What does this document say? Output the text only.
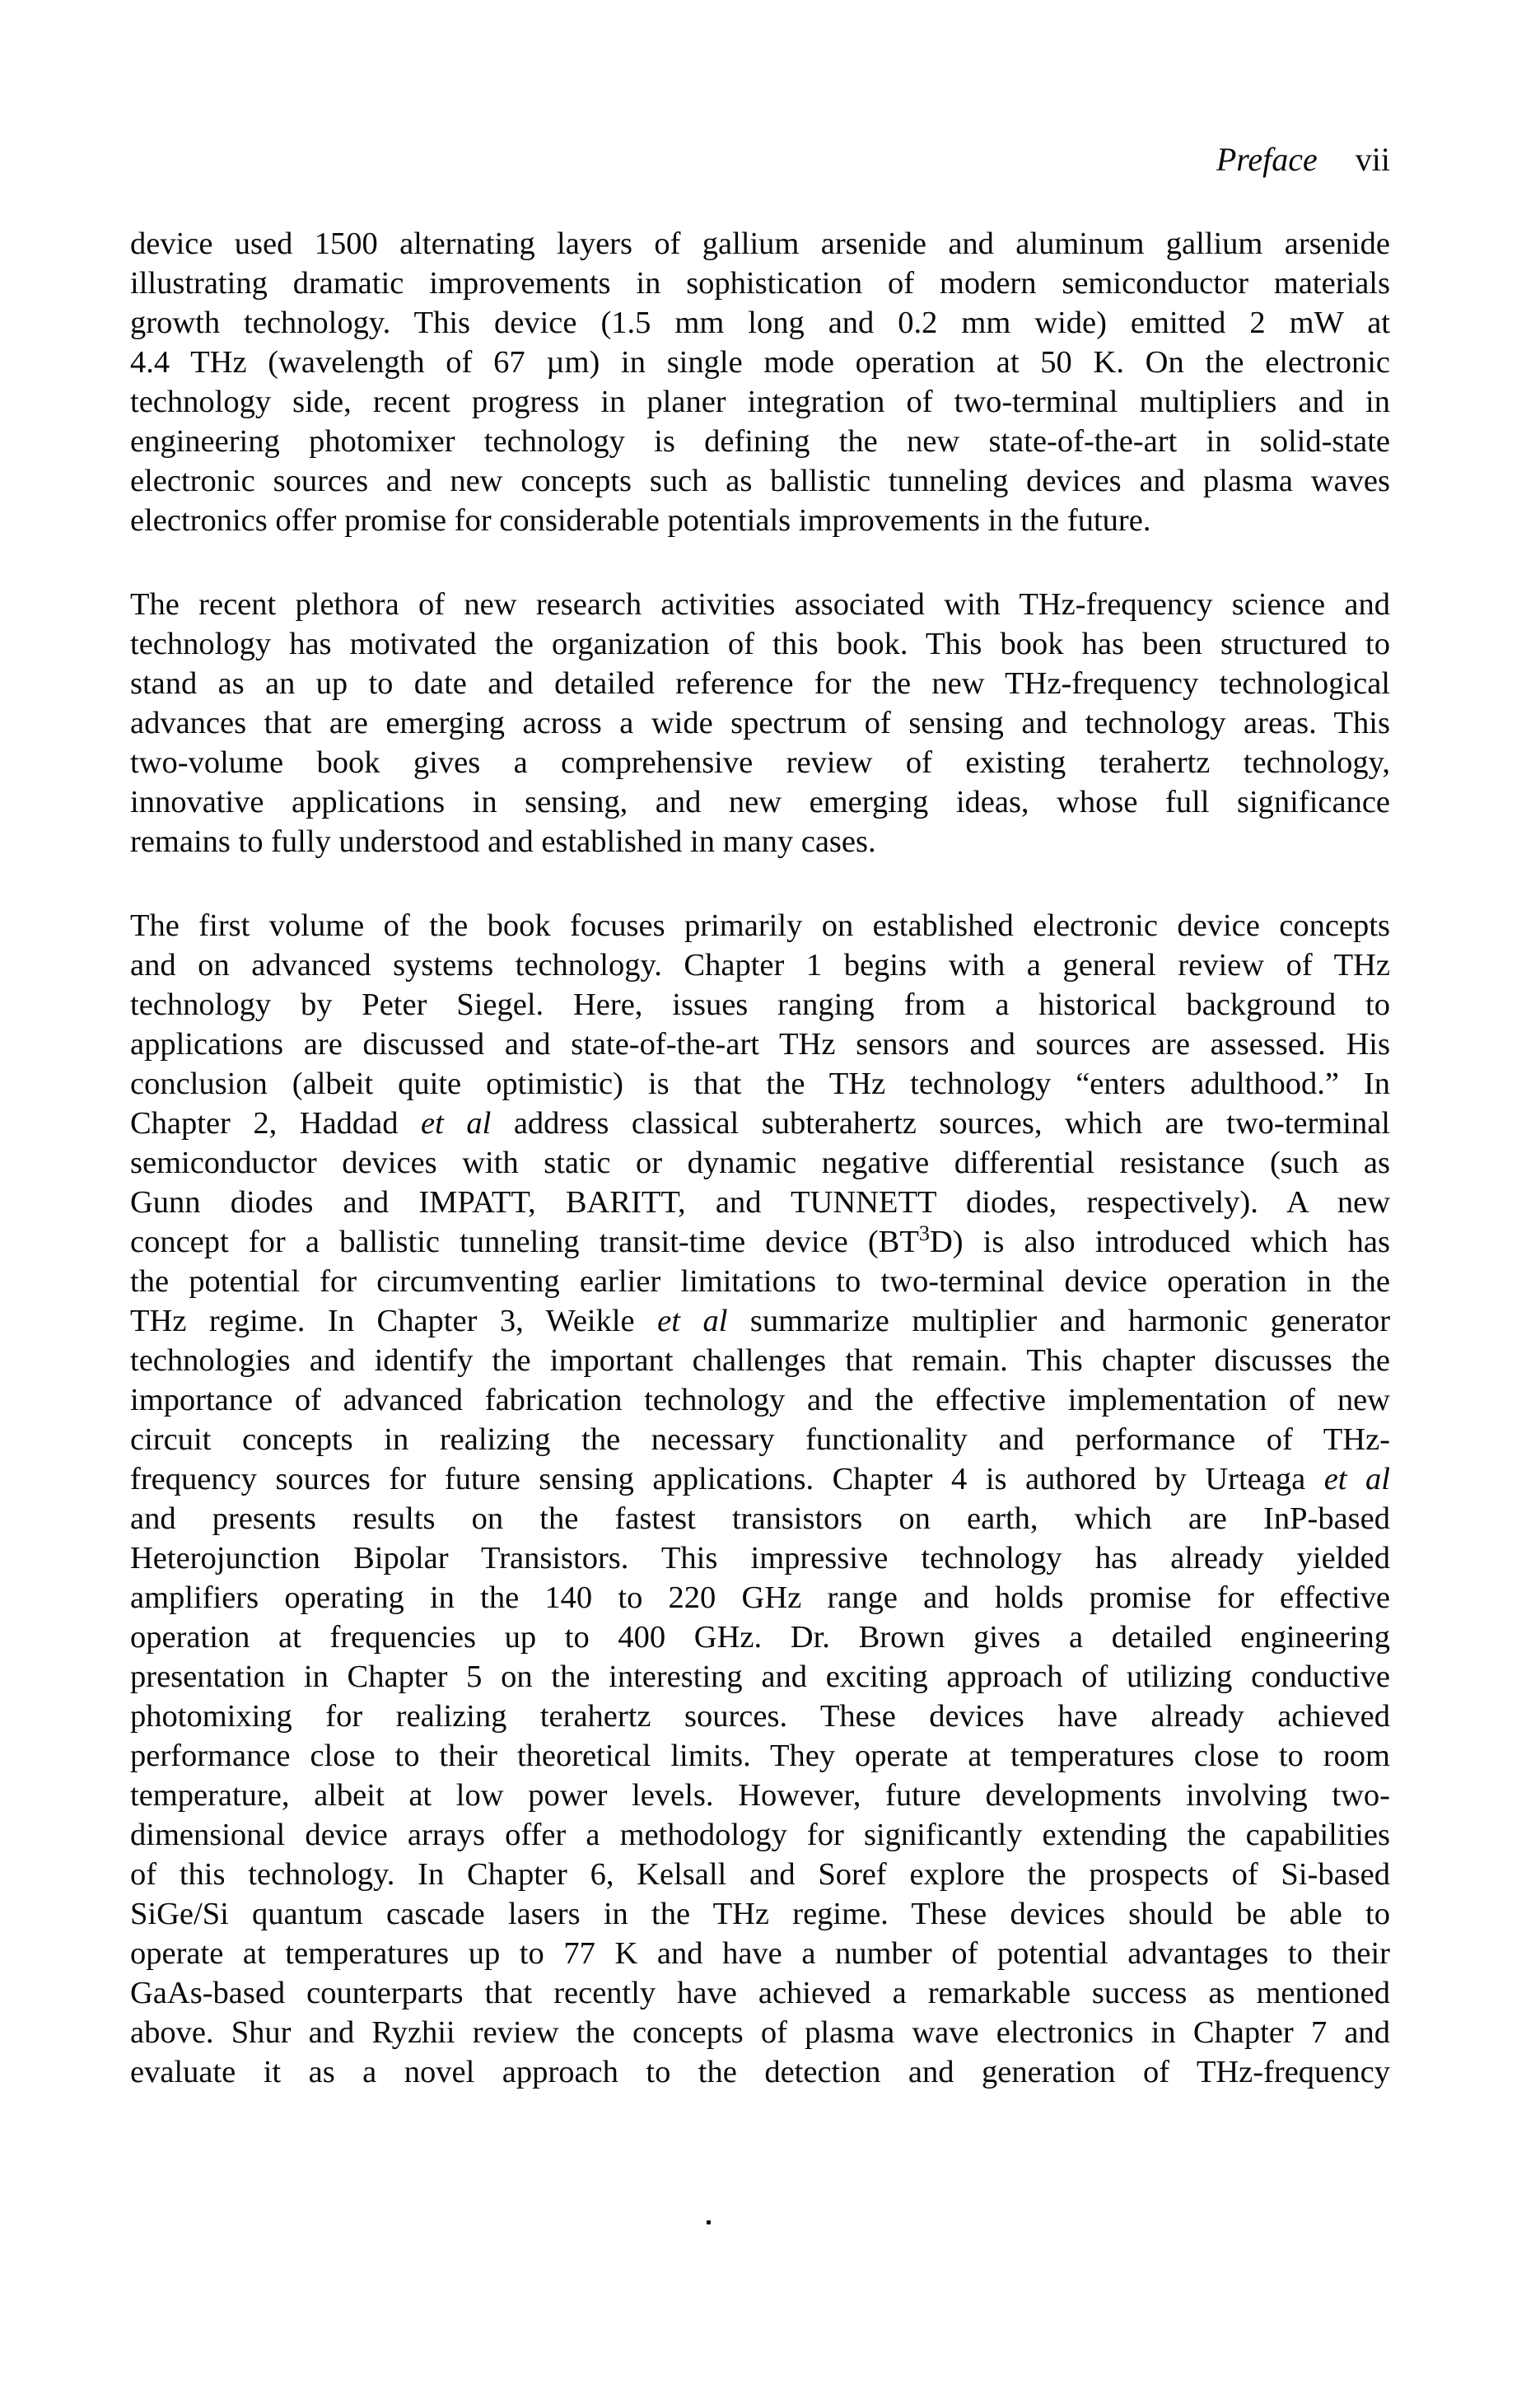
Preface vii
device used 1500 alternating layers of gallium arsenide and aluminum gallium arsenide
illustrating dramatic improvements in sophistication of modern semiconductor materials
growth technology. This device (1.5 mm long and 0.2 mm wide) emitted 2 mW at
4.4 THz (wavelength of 67 µm) in single mode operation at 50 K. On the electronic
technology side, recent progress in planer integration of two-terminal multipliers and in
engineering photomixer technology is defining the new state-of-the-art in solid-state
electronic sources and new concepts such as ballistic tunneling devices and plasma waves
electronics offer promise for considerable potentials improvements in the future.
The recent plethora of new research activities associated with THz-frequency science and
technology has motivated the organization of this book. This book has been structured to
stand as an up to date and detailed reference for the new THz-frequency technological
advances that are emerging across a wide spectrum of sensing and technology areas. This
two-volume book gives a comprehensive review of existing terahertz technology,
innovative applications in sensing, and new emerging ideas, whose full significance
remains to fully understood and established in many cases.
The first volume of the book focuses primarily on established electronic device concepts
and on advanced systems technology. Chapter 1 begins with a general review of THz
technology by Peter Siegel. Here, issues ranging from a historical background to
applications are discussed and state-of-the-art THz sensors and sources are assessed. His
conclusion (albeit quite optimistic) is that the THz technology “enters adulthood.” In
Chapter 2, Haddad et al address classical subterahertz sources, which are two-terminal
semiconductor devices with static or dynamic negative differential resistance (such as
Gunn diodes and IMPATT, BARITT, and TUNNETT diodes, respectively). A new
concept for a ballistic tunneling transit-time device $(BT^3D)$ is also introduced which has
the potential for circumventing earlier limitations to two-terminal device operation in the
THz regime. In Chapter 3, Weikle et al summarize multiplier and harmonic generator
technologies and identify the important challenges that remain. This chapter discusses the
importance of advanced fabrication technology and the effective implementation of new
circuit concepts in realizing the necessary functionality and performance of THz-
frequency sources for future sensing applications. Chapter 4 is authored by Urteaga et al
and presents results on the fastest transistors on earth, which are InP-based
Heterojunction Bipolar Transistors. This impressive technology has already yielded
amplifiers operating in the 140 to 220 GHz range and holds promise for effective
operation at frequencies up to 400 GHz. Dr. Brown gives a detailed engineering
presentation in Chapter 5 on the interesting and exciting approach of utilizing conductive
photomixing for realizing terahertz sources. These devices have already achieved
performance close to their theoretical limits. They operate at temperatures close to room
temperature, albeit at low power levels. However, future developments involving two-
dimensional device arrays offer a methodology for significantly extending the capabilities
of this technology. In Chapter 6, Kelsall and Soref explore the prospects of Si-based
SiGe/Si quantum cascade lasers in the THz regime. These devices should be able to
operate at temperatures up to 77 K and have a number of potential advantages to their
GaAs-based counterparts that recently have achieved a remarkable success as mentioned
above. Shur and Ryzhii review the concepts of plasma wave electronics in Chapter 7 and
evaluate it as a novel approach to the detection and generation of THz-frequency
